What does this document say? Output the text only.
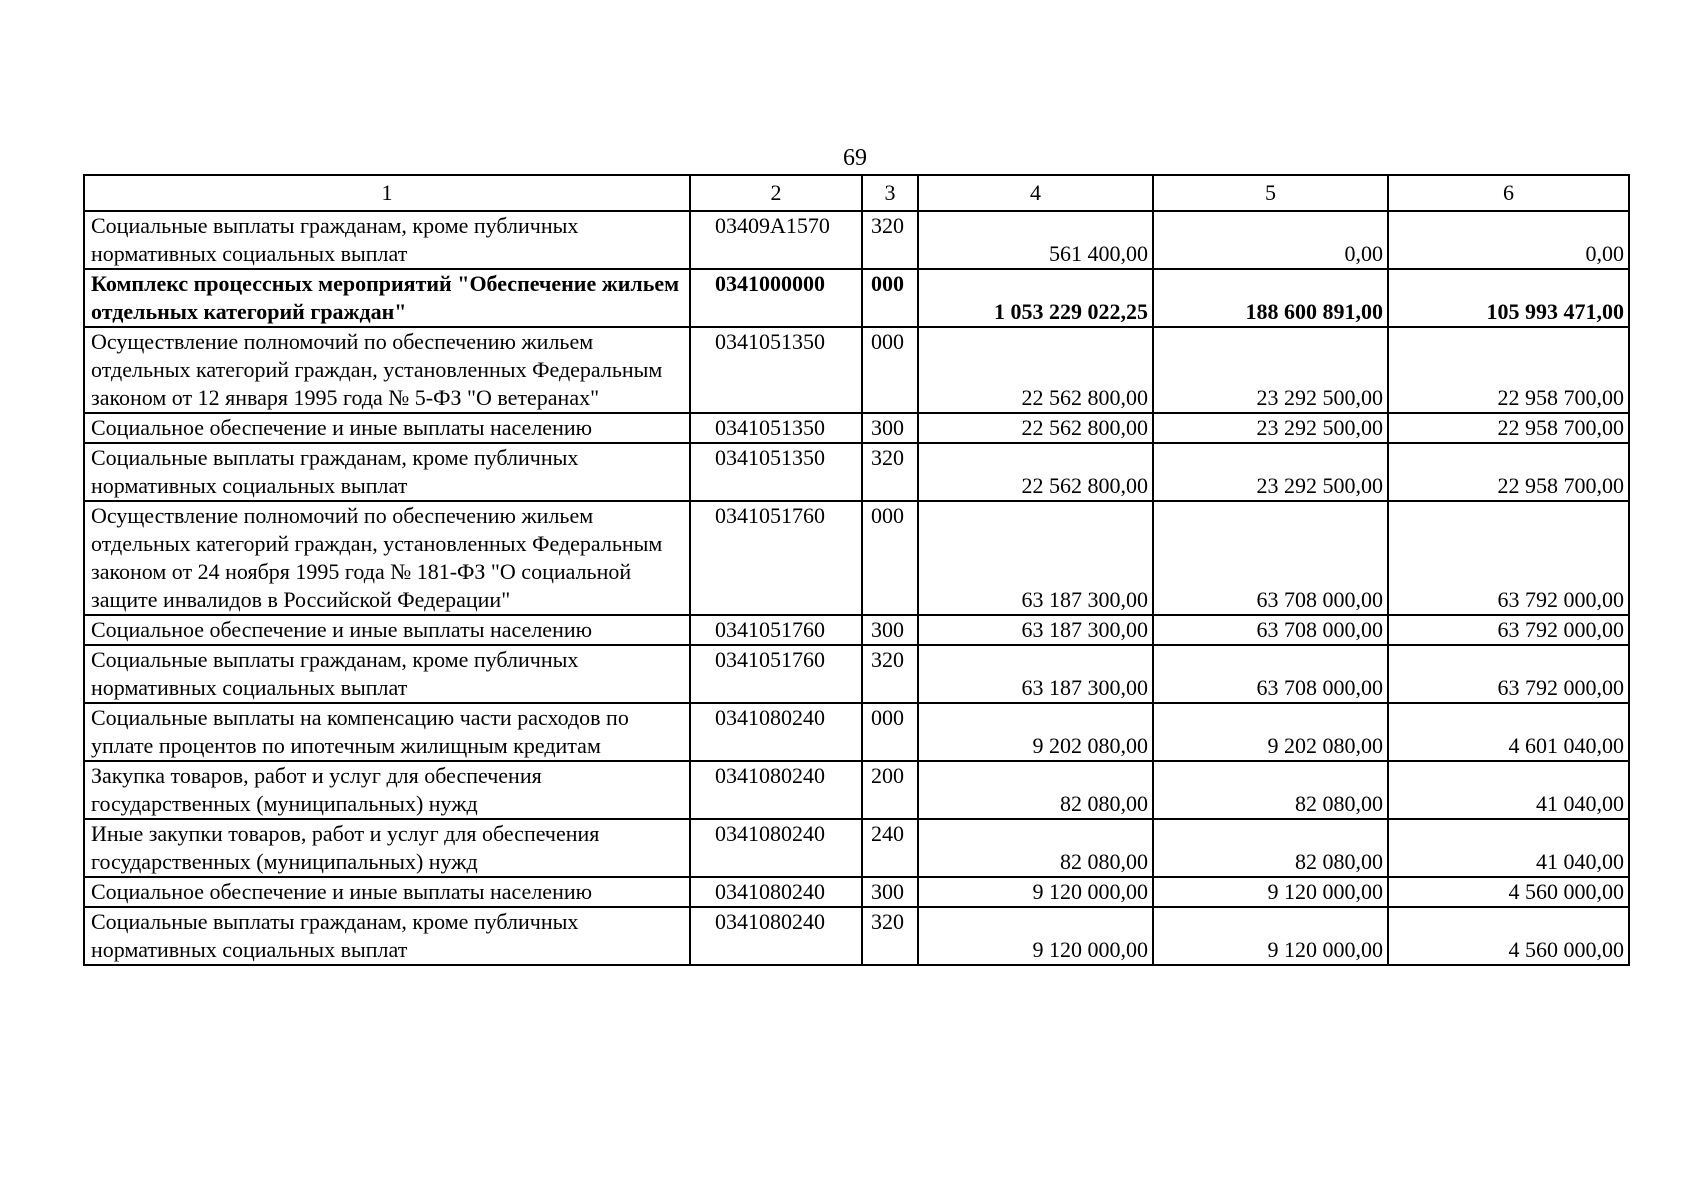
69
1	2	3	4	5	6
Социальные выплаты гражданам, кроме публичных нормативных социальных выплат	03409А1570	320	561 400,00	0,00	0,00
Комплекс процессных мероприятий "Обеспечение жильем отдельных категорий граждан"	0341000000	000	1 053 229 022,25	188 600 891,00	105 993 471,00
Осуществление полномочий по обеспечению жильем отдельных категорий граждан, установленных Федеральным законом от 12 января 1995 года № 5-ФЗ "О ветеранах"	0341051350	000	22 562 800,00	23 292 500,00	22 958 700,00
Социальное обеспечение и иные выплаты населению	0341051350	300	22 562 800,00	23 292 500,00	22 958 700,00
Социальные выплаты гражданам, кроме публичных нормативных социальных выплат	0341051350	320	22 562 800,00	23 292 500,00	22 958 700,00
Осуществление полномочий по обеспечению жильем отдельных категорий граждан, установленных Федеральным законом от 24 ноября 1995 года № 181-ФЗ "О социальной защите инвалидов в Российской Федерации"	0341051760	000	63 187 300,00	63 708 000,00	63 792 000,00
Социальное обеспечение и иные выплаты населению	0341051760	300	63 187 300,00	63 708 000,00	63 792 000,00
Социальные выплаты гражданам, кроме публичных нормативных социальных выплат	0341051760	320	63 187 300,00	63 708 000,00	63 792 000,00
Социальные выплаты на компенсацию части расходов по уплате процентов по ипотечным жилищным кредитам	0341080240	000	9 202 080,00	9 202 080,00	4 601 040,00
Закупка товаров, работ и услуг для обеспечения государственных (муниципальных) нужд	0341080240	200	82 080,00	82 080,00	41 040,00
Иные закупки товаров, работ и услуг для обеспечения государственных (муниципальных) нужд	0341080240	240	82 080,00	82 080,00	41 040,00
Социальное обеспечение и иные выплаты населению	0341080240	300	9 120 000,00	9 120 000,00	4 560 000,00
Социальные выплаты гражданам, кроме публичных нормативных социальных выплат	0341080240	320	9 120 000,00	9 120 000,00	4 560 000,00
